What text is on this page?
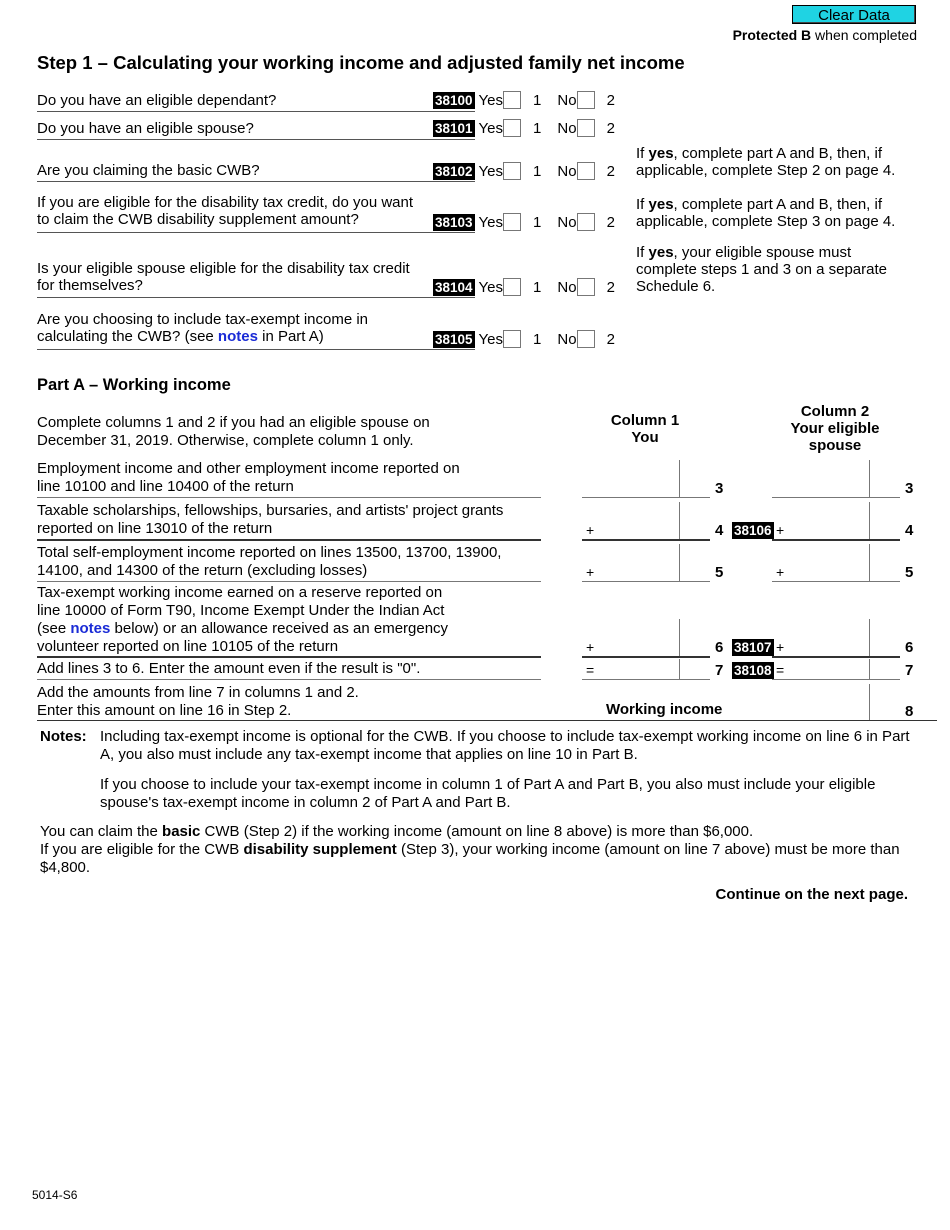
Clear Data
Protected B when completed
Step 1 – Calculating your working income and adjusted family net income
Do you have an eligible dependant?	38100 Yes 1 No 2
Do you have an eligible spouse?	38101 Yes 1 No 2
Are you claiming the basic CWB?	38102 Yes 1 No 2
If yes, complete part A and B, then, if
applicable, complete Step 2 on page 4.
If you are eligible for the disability tax credit, do you want
to claim the CWB disability supplement amount?	38103 Yes 1 No 2
If yes, complete part A and B, then, if
applicable, complete Step 3 on page 4.
Is your eligible spouse eligible for the disability tax credit
for themselves?	38104 Yes 1 No 2
If yes, your eligible spouse must
complete steps 1 and 3 on a separate
Schedule 6.
Are you choosing to include tax-exempt income in
calculating the CWB? (see notes in Part A)	38105 Yes 1 No 2
Part A – Working income
Complete columns 1 and 2 if you had an eligible spouse on
December 31, 2019. Otherwise, complete column 1 only.
Column 1
You
Column 2
Your eligible
spouse
Employment income and other employment income reported on
line 10100 and line 10400 of the return	3	3
Taxable scholarships, fellowships, bursaries, and artists' project grants
reported on line 13010 of the return	+	4 38106 +	4
Total self-employment income reported on lines 13500, 13700, 13900,
14100, and 14300 of the return (excluding losses)	+	5	+	5
Tax-exempt working income earned on a reserve reported on
line 10000 of Form T90, Income Exempt Under the Indian Act
(see notes below) or an allowance received as an emergency
volunteer reported on line 10105 of the return	+	6 38107 +	6
Add lines 3 to 6. Enter the amount even if the result is "0".	=	7 38108 =	7
Add the amounts from line 7 in columns 1 and 2.
Enter this amount on line 16 in Step 2.	Working income	8
Notes: Including tax-exempt income is optional for the CWB. If you choose to include tax-exempt working income on line 6 in Part A, you also must include any tax-exempt income that applies on line 10 in Part B.
If you choose to include your tax-exempt income in column 1 of Part A and Part B, you also must include your eligible spouse's tax-exempt income in column 2 of Part A and Part B.
You can claim the basic CWB (Step 2) if the working income (amount on line 8 above) is more than $6,000.
If you are eligible for the CWB disability supplement (Step 3), your working income (amount on line 7 above) must be more than $4,800.
Continue on the next page.
5014-S6
